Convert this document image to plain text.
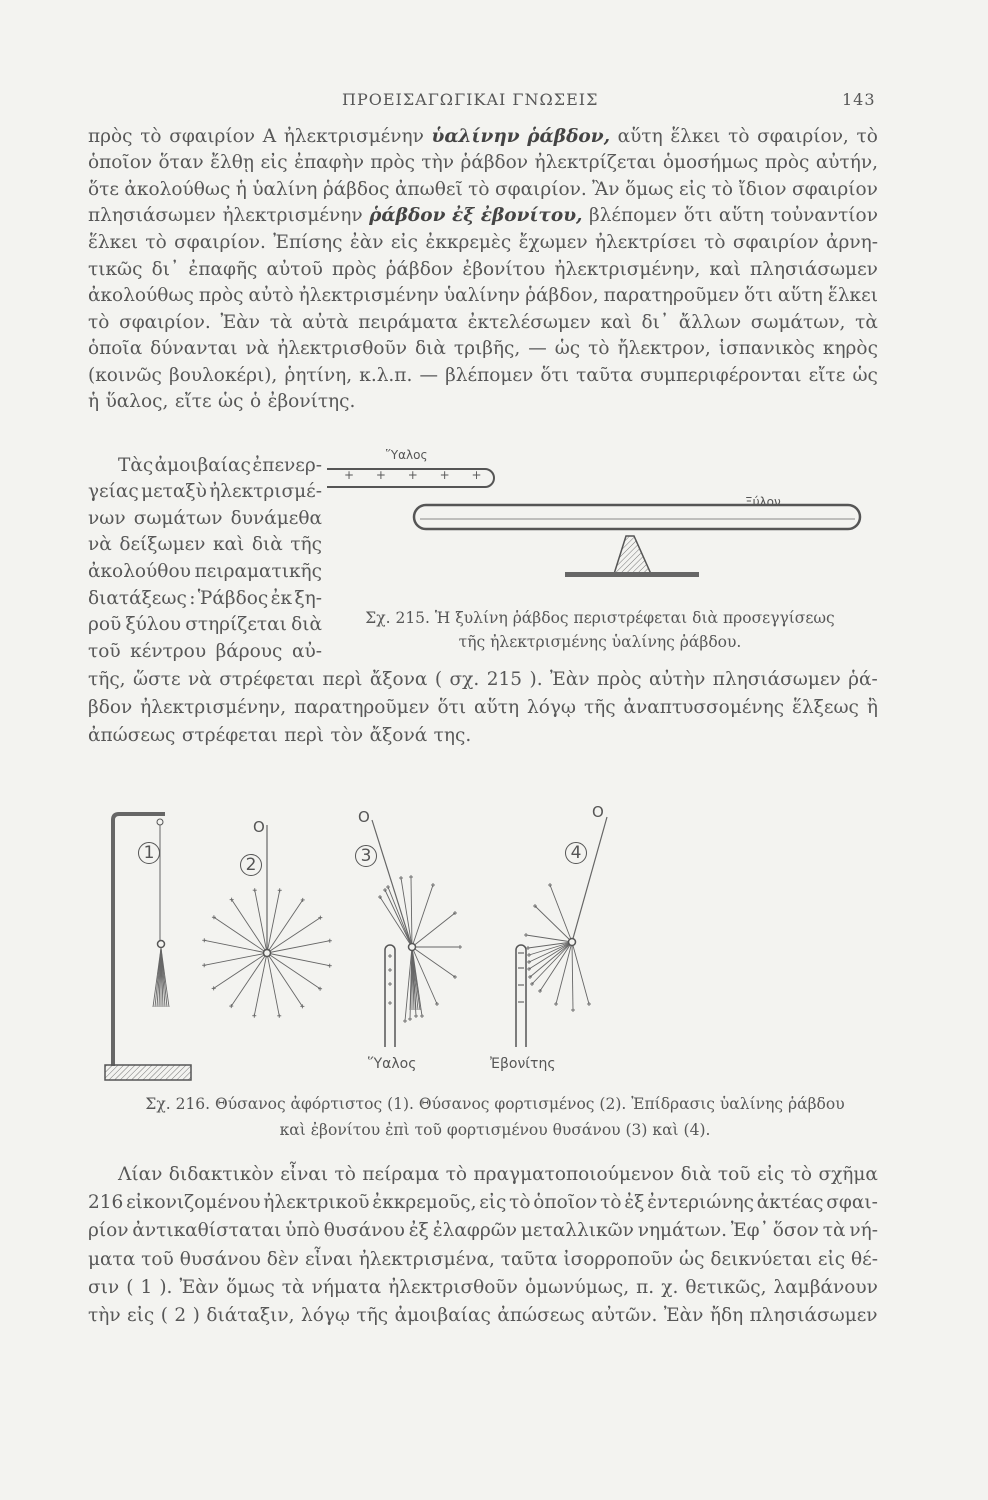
ΠΡΟΕΙΣΑΓΩΓΙΚΑΙ ΓΝΩΣΕΙΣ	143
πρὸς τὸ σφαιρίον Α ἠλεκτρισμένην ὑαλίνην ῥάβδον, αὕτη ἕλκει τὸ σφαιρίον, τὸ
ὁποῖον ὅταν ἔλθῃ εἰς ἐπαφὴν πρὸς τὴν ῥάβδον ἠλεκτρίζεται ὁμοσήμως πρὸς αὐτήν,
ὅτε ἀκολούθως ἡ ὑαλίνη ῥάβδος ἀπωθεῖ τὸ σφαιρίον. Ἂν ὅμως εἰς τὸ ἴδιον σφαιρίον
πλησιάσωμεν ἠλεκτρισμένην ῥάβδον ἐξ ἐβονίτου, βλέπομεν ὅτι αὕτη τοὐναντίον
ἕλκει τὸ σφαιρίον. Ἐπίσης ἐὰν εἰς ἐκκρεμὲς ἔχωμεν ἠλεκτρίσει τὸ σφαιρίον ἀρνη-
τικῶς δι᾽ ἐπαφῆς αὐτοῦ πρὸς ῥάβδον ἐβονίτου ἠλεκτρισμένην, καὶ πλησιάσωμεν
ἀκολούθως πρὸς αὐτὸ ἠλεκτρισμένην ὑαλίνην ῥάβδον, παρατηροῦμεν ὅτι αὕτη ἕλκει
τὸ σφαιρίον. Ἐὰν τὰ αὐτὰ πειράματα ἐκτελέσωμεν καὶ δι᾽ ἄλλων σωμάτων, τὰ
ὁποῖα δύνανται νὰ ἠλεκτρισθοῦν διὰ τριβῆς, — ὡς τὸ ἤλεκτρον, ἱσπανικὸς κηρὸς
(κοινῶς βουλοκέρι), ῥητίνη, κ.λ.π. — βλέπομεν ὅτι ταῦτα συμπεριφέρονται εἴτε ὡς
ἡ ὕαλος, εἴτε ὡς ὁ ἐβονίτης.
Τὰς ἀμοιβαίας ἐπενερ-
γείας μεταξὺ ἠλεκτρισμέ-
νων σωμάτων δυνάμεθα
νὰ δείξωμεν καὶ διὰ τῆς
ἀκολούθου πειραματικῆς
διατάξεως : Ῥάβδος ἐκ ξη-
ροῦ ξύλου στηρίζεται διὰ
τοῦ κέντρου βάρους αὐ-
τῆς, ὥστε νὰ στρέφεται περὶ ἄξονα ( σχ. 215 ). Ἐὰν πρὸς αὐτὴν πλησιάσωμεν ῥά-
βδον ἠλεκτρισμένην, παρατηροῦμεν ὅτι αὕτη λόγῳ τῆς ἀναπτυσσομένης ἕλξεως ἢ
ἀπώσεως στρέφεται περὶ τὸν ἄξονά της.
Λίαν διδακτικὸν εἶναι τὸ πείραμα τὸ πραγματοποιούμενον διὰ τοῦ εἰς τὸ σχῆμα
216 εἰκονιζομένου ἠλεκτρικοῦ ἐκκρεμοῦς, εἰς τὸ ὁποῖον τὸ ἐξ ἐντεριώνης ἀκτέας σφαι-
ρίον ἀντικαθίσταται ὑπὸ θυσάνου ἐξ ἐλαφρῶν μεταλλικῶν νημάτων. Ἐφ᾽ ὅσον τὰ νή-
ματα τοῦ θυσάνου δὲν εἶναι ἠλεκτρισμένα, ταῦτα ἰσορροποῦν ὡς δεικνύεται εἰς θέ-
σιν ( 1 ). Ἐὰν ὅμως τὰ νήματα ἠλεκτρισθοῦν ὁμωνύμως, π. χ. θετικῶς, λαμβάνουν
τὴν εἰς ( 2 ) διάταξιν, λόγῳ τῆς ἀμοιβαίας ἀπώσεως αὐτῶν. Ἐὰν ἤδη πλησιάσωμεν
Ὕαλος
Ξύλον
+ + + + +
Σχ. 215. Ἡ ξυλίνη ῥάβδος περιστρέφεται διὰ προσεγγίσεως
τῆς ἠλεκτρισμένης ὑαλίνης ῥάβδου.
1
2	3	4
O
O	O
Ὕαλος	Ἐβονίτης
Σχ. 216. Θύσανος ἀφόρτιστος (1). Θύσανος φορτισμένος (2). Ἐπίδρασις ὑαλίνης ῥάβδου
καὶ ἐβονίτου ἐπὶ τοῦ φορτισμένου θυσάνου (3) καὶ (4).
